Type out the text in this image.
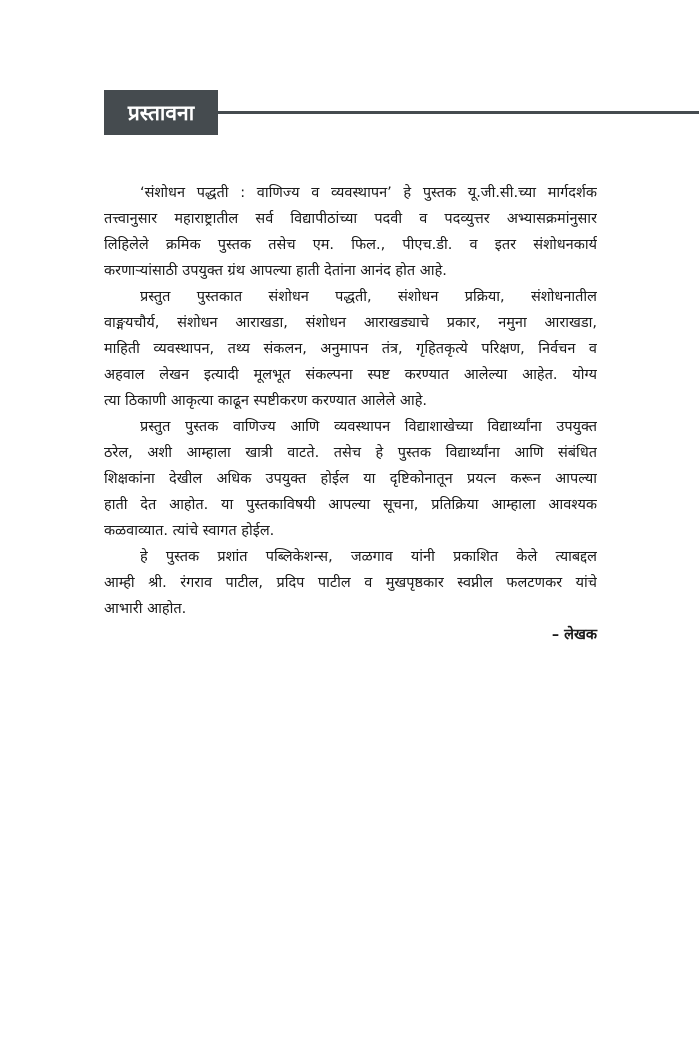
प्रस्तावना
‘संशोधन पद्धती : वाणिज्य व व्यवस्थापन’ हे पुस्तक यू.जी.सी.च्या मार्गदर्शक
तत्त्वानुसार महाराष्ट्रातील सर्व विद्यापीठांच्या पदवी व पदव्युत्तर अभ्यासक्रमांनुसार
लिहिलेले क्रमिक पुस्तक तसेच एम. फिल., पीएच.डी. व इतर संशोधनकार्य
करणाऱ्यांसाठी उपयुक्त ग्रंथ आपल्या हाती देतांना आनंद होत आहे.
प्रस्तुत पुस्तकात संशोधन पद्धती, संशोधन प्रक्रिया, संशोधनातील
वाङ्मयचौर्य, संशोधन आराखडा, संशोधन आराखड्याचे प्रकार, नमुना आराखडा,
माहिती व्यवस्थापन, तथ्य संकलन, अनुमापन तंत्र, गृहितकृत्ये परिक्षण, निर्वचन व
अहवाल लेखन इत्यादी मूलभूत संकल्पना स्पष्ट करण्यात आलेल्या आहेत. योग्य
त्या ठिकाणी आकृत्या काढून स्पष्टीकरण करण्यात आलेले आहे.
प्रस्तुत पुस्तक वाणिज्य आणि व्यवस्थापन विद्याशाखेच्या विद्यार्थ्यांना उपयुक्त
ठरेल, अशी आम्हाला खात्री वाटते. तसेच हे पुस्तक विद्यार्थ्यांना आणि संबंधित
शिक्षकांना देखील अधिक उपयुक्त होईल या दृष्टिकोनातून प्रयत्न करून आपल्या
हाती देत आहोत. या पुस्तकाविषयी आपल्या सूचना, प्रतिक्रिया आम्हाला आवश्यक
कळवाव्यात. त्यांचे स्वागत होईल.
हे पुस्तक प्रशांत पब्लिकेशन्स, जळगाव यांनी प्रकाशित केले त्याबद्दल
आम्ही श्री. रंगराव पाटील, प्रदिप पाटील व मुखपृष्ठकार स्वप्नील फलटणकर यांचे
आभारी आहोत.
– लेखक
